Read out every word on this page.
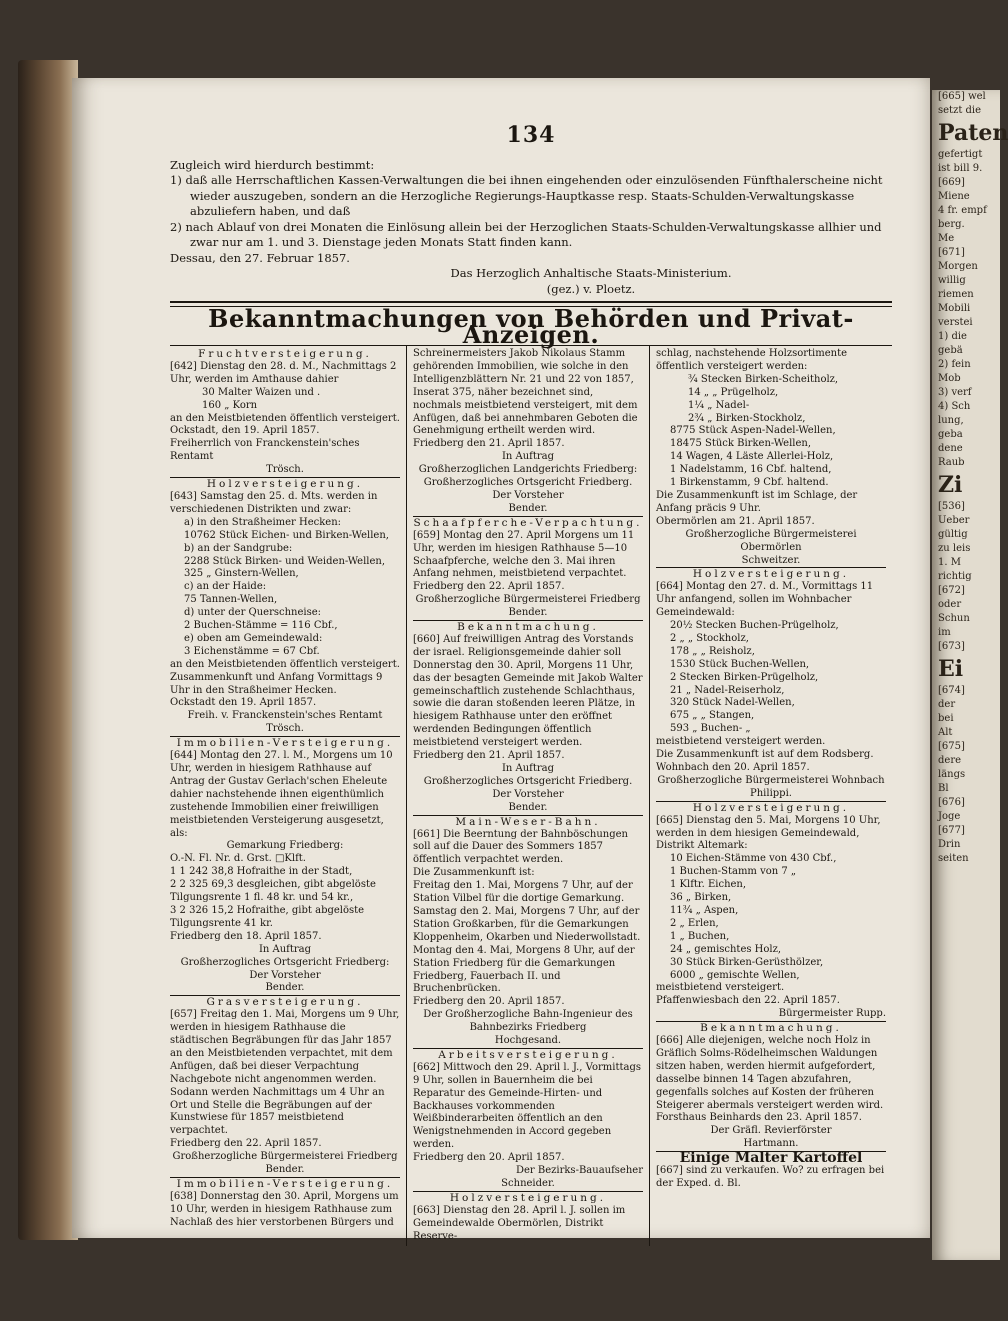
134

Zugleich wird hierdurch bestimmt:

1) daß alle Herrschaftlichen Kassen-Verwaltungen die bei ihnen eingehenden oder einzulösenden Fünfthalerscheine nicht wieder auszugeben, sondern an die Herzogliche Regierungs-Hauptkasse resp. Staats-Schulden-Verwaltungskasse abzuliefern haben, und daß

2) nach Ablauf von drei Monaten die Einlösung allein bei der Herzoglichen Staats-Schulden-Verwaltungskasse allhier und zwar nur am 1. und 3. Dienstage jeden Monats Statt finden kann.

Dessau, den 27. Februar 1857.

Das Herzoglich Anhaltische Staats-Ministerium.

(gez.) v. Ploetz.

Bekanntmachungen von Behörden und Privat-Anzeigen.

Fruchtversteigerung.

[642] Dienstag den 28. d. M., Nachmittags 2 Uhr, werden im Amthause dahier

30 Malter Waizen und .

160 „ Korn

an den Meistbietenden öffentlich versteigert.

Ockstadt, den 19. April 1857.

Freiherrlich von Franckenstein'sches Rentamt

Trösch.

Holzversteigerung.

[643] Samstag den 25. d. Mts. werden in verschiedenen Distrikten und zwar:

a) in den Straßheimer Hecken:

10762 Stück Eichen- und Birken-Wellen,

b) an der Sandgrube:

2288 Stück Birken- und Weiden-Wellen,

325 „ Ginstern-Wellen,

c) an der Haide:

75 Tannen-Wellen,

d) unter der Querschneise:

2 Buchen-Stämme = 116 Cbf.,

e) oben am Gemeindewald:

3 Eichenstämme = 67 Cbf.

an den Meistbietenden öffentlich versteigert.

Zusammenkunft und Anfang Vormittags 9 Uhr in den Straßheimer Hecken.

Ockstadt den 19. April 1857.

Freih. v. Franckenstein'sches Rentamt

Trösch.

Immobilien-Versteigerung.

[644] Montag den 27. l. M., Morgens um 10 Uhr, werden in hiesigem Rathhause auf Antrag der Gustav Gerlach'schen Eheleute dahier nachstehende ihnen eigenthümlich zustehende Immobilien einer freiwilligen meistbietenden Versteigerung ausgesetzt, als:

Gemarkung Friedberg:

O.-N. Fl. Nr. d. Grst. □Klft.

1 1 242 38,8 Hofraithe in der Stadt,

2 2 325 69,3 desgleichen, gibt abgelöste Tilgungsrente 1 fl. 48 kr. und 54 kr.,

3 2 326 15,2 Hofraithe, gibt abgelöste Tilgungsrente 41 kr.

Friedberg den 18. April 1857.

In Auftrag

Großherzogliches Ortsgericht Friedberg:

Der Vorsteher

Bender.

Grasversteigerung.

[657] Freitag den 1. Mai, Morgens um 9 Uhr, werden in hiesigem Rathhause die städtischen Begräbungen für das Jahr 1857 an den Meistbietenden verpachtet, mit dem Anfügen, daß bei dieser Verpachtung Nachgebote nicht angenommen werden.

Sodann werden Nachmittags um 4 Uhr an Ort und Stelle die Begräbungen auf der Kunstwiese für 1857 meistbietend verpachtet.

Friedberg den 22. April 1857.

Großherzogliche Bürgermeisterei Friedberg

Bender.

Immobilien-Versteigerung.

[638] Donnerstag den 30. April, Morgens um 10 Uhr, werden in hiesigem Rathhause zum Nachlaß des hier verstorbenen Bürgers und

Schreinermeisters Jakob Nikolaus Stamm gehörenden Immobilien, wie solche in den Intelligenzblättern Nr. 21 und 22 von 1857, Inserat 375, näher bezeichnet sind, nochmals meistbietend versteigert, mit dem Anfügen, daß bei annehmbaren Geboten die Genehmigung ertheilt werden wird.

Friedberg den 21. April 1857.

In Auftrag

Großherzoglichen Landgerichts Friedberg:

Großherzogliches Ortsgericht Friedberg.

Der Vorsteher

Bender.

Schaafpferche-Verpachtung.

[659] Montag den 27. April Morgens um 11 Uhr, werden im hiesigen Rathhause 5—10 Schaafpferche, welche den 3. Mai ihren Anfang nehmen, meistbietend verpachtet.

Friedberg den 22. April 1857.

Großherzogliche Bürgermeisterei Friedberg

Bender.

Bekanntmachung.

[660] Auf freiwilligen Antrag des Vorstands der israel. Religionsgemeinde dahier soll Donnerstag den 30. April, Morgens 11 Uhr, das der besagten Gemeinde mit Jakob Walter gemeinschaftlich zustehende Schlachthaus, sowie die daran stoßenden leeren Plätze, in hiesigem Rathhause unter den eröffnet werdenden Bedingungen öffentlich meistbietend versteigert werden.

Friedberg den 21. April 1857.

In Auftrag

Großherzogliches Ortsgericht Friedberg.

Der Vorsteher

Bender.

Main-Weser-Bahn.

[661] Die Beerntung der Bahnböschungen soll auf die Dauer des Sommers 1857 öffentlich verpachtet werden.

Die Zusammenkunft ist:

Freitag den 1. Mai, Morgens 7 Uhr, auf der Station Vilbel für die dortige Gemarkung.

Samstag den 2. Mai, Morgens 7 Uhr, auf der Station Großkarben, für die Gemarkungen Kloppenheim, Okarben und Niederwollstadt.

Montag den 4. Mai, Morgens 8 Uhr, auf der Station Friedberg für die Gemarkungen Friedberg, Fauerbach II. und Bruchenbrücken.

Friedberg den 20. April 1857.

Der Großherzogliche Bahn-Ingenieur des Bahnbezirks Friedberg

Hochgesand.

Arbeitsversteigerung.

[662] Mittwoch den 29. April l. J., Vormittags 9 Uhr, sollen in Bauernheim die bei Reparatur des Gemeinde-Hirten- und Backhauses vorkommenden Weißbinderarbeiten öffentlich an den Wenigstnehmenden in Accord gegeben werden.

Friedberg den 20. April 1857.

Der Bezirks-Bauaufseher

Schneider.

Holzversteigerung.

[663] Dienstag den 28. April l. J. sollen im Gemeindewalde Obermörlen, Distrikt Reserve-

schlag, nachstehende Holzsortimente öffentlich versteigert werden:

¾ Stecken Birken-Scheitholz,

14 „ „ Prügelholz,

1¼ „ Nadel-

2¾ „ Birken-Stockholz,

8775 Stück Aspen-Nadel-Wellen,

18475 Stück Birken-Wellen,

14 Wagen, 4 Läste Allerlei-Holz,

1 Nadelstamm, 16 Cbf. haltend,

1 Birkenstamm, 9 Cbf. haltend.

Die Zusammenkunft ist im Schlage, der Anfang präcis 9 Uhr.

Obermörlen am 21. April 1857.

Großherzogliche Bürgermeisterei Obermörlen

Schweitzer.

Holzversteigerung.

[664] Montag den 27. d. M., Vormittags 11 Uhr anfangend, sollen im Wohnbacher Gemeindewald:

20½ Stecken Buchen-Prügelholz,

2 „ „ Stockholz,

178 „ „ Reisholz,

1530 Stück Buchen-Wellen,

2 Stecken Birken-Prügelholz,

21 „ Nadel-Reiserholz,

320 Stück Nadel-Wellen,

675 „ „ Stangen,

593 „ Buchen- „

meistbietend versteigert werden.

Die Zusammenkunft ist auf dem Rodsberg.

Wohnbach den 20. April 1857.

Großherzogliche Bürgermeisterei Wohnbach

Philippi.

Holzversteigerung.

[665] Dienstag den 5. Mai, Morgens 10 Uhr, werden in dem hiesigen Gemeindewald, Distrikt Altemark:

10 Eichen-Stämme von 430 Cbf.,

1 Buchen-Stamm von 7 „

1 Klftr. Eichen,

36 „ Birken,

11¾ „ Aspen,

2 „ Erlen,

1 „ Buchen,

24 „ gemischtes Holz,

30 Stück Birken-Gerüsthölzer,

6000 „ gemischte Wellen,

meistbietend versteigert.

Pfaffenwiesbach den 22. April 1857.

Bürgermeister Rupp.

Bekanntmachung.

[666] Alle diejenigen, welche noch Holz in Gräflich Solms-Rödelheimschen Waldungen sitzen haben, werden hiermit aufgefordert, dasselbe binnen 14 Tagen abzufahren, gegenfalls solches auf Kosten der früheren Steigerer abermals versteigert werden wird.

Forsthaus Beinhards den 23. April 1857.

Der Gräfl. Revierförster

Hartmann.

Einige Malter Kartoffel

[667] sind zu verkaufen. Wo? zu erfragen bei der Exped. d. Bl.

[665] wel
setzt die
Paten
gefertigt
ist bill 9.
[669]
Miene
4 fr. empf
berg.
Me
[671]
Morgen
willig
riemen
Mobili
verstei
1) die
gebä
2) fein
Mob
3) verf
4) Sch
lung,
geba
dene
Raub
Zi
[536]
Ueber
gültig
zu leis
1. M
richtig
[672]
oder
Schun
im
[673]
Ei
[674]
der
bei
Alt
[675]
dere
längs
Bl
[676]
Joge
[677]
Drin
seiten
